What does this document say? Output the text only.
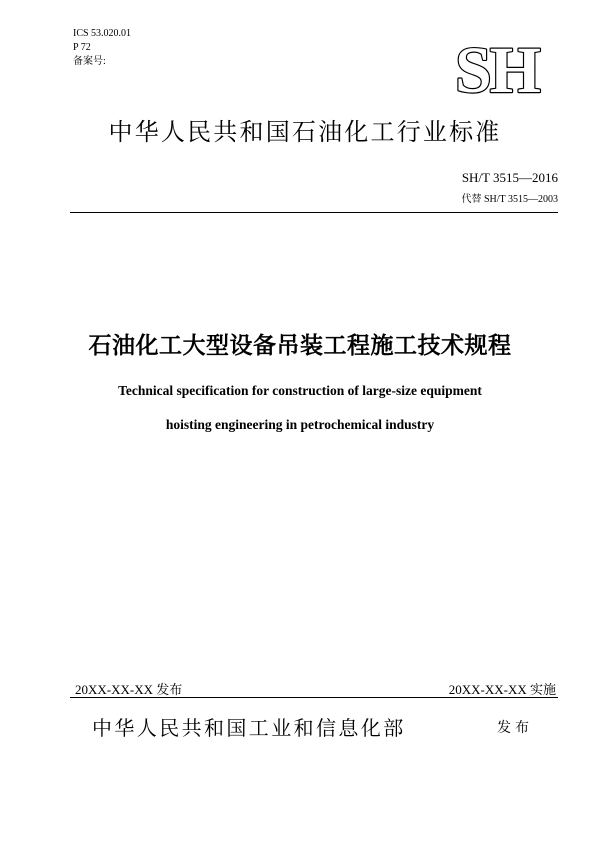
ICS 53.020.01
P 72
备案号:	SH
中华人民共和国石油化工行业标准
SH/T 3515—2016
代替 SH/T 3515—2003
石油化工大型设备吊装工程施工技术规程
Technical specification for construction of large-size equipment
hoisting engineering in petrochemical industry
20XX-XX-XX 发布	20XX-XX-XX 实施
中华人民共和国工业和信息化部	发布
